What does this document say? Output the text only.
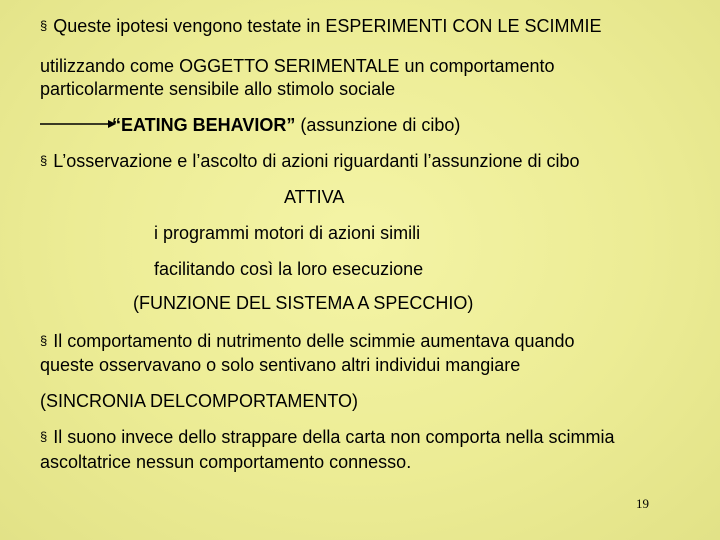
§ Queste ipotesi vengono testate in ESPERIMENTI CON LE SCIMMIE
utilizzando come OGGETTO SERIMENTALE un comportamento
particolarmente sensibile allo stimolo sociale
“EATING BEHAVIOR” (assunzione di cibo)
§ L’osservazione e l’ascolto di azioni riguardanti l’assunzione di cibo
ATTIVA
i programmi motori di azioni simili
facilitando così la loro esecuzione
(FUNZIONE DEL SISTEMA A SPECCHIO)
§ Il comportamento di nutrimento delle scimmie aumentava quando
queste osservavano o solo sentivano altri individui mangiare
(SINCRONIA DELCOMPORTAMENTO)
§ Il suono invece dello strappare della carta non comporta nella scimmia
ascoltatrice nessun comportamento connesso.
19
